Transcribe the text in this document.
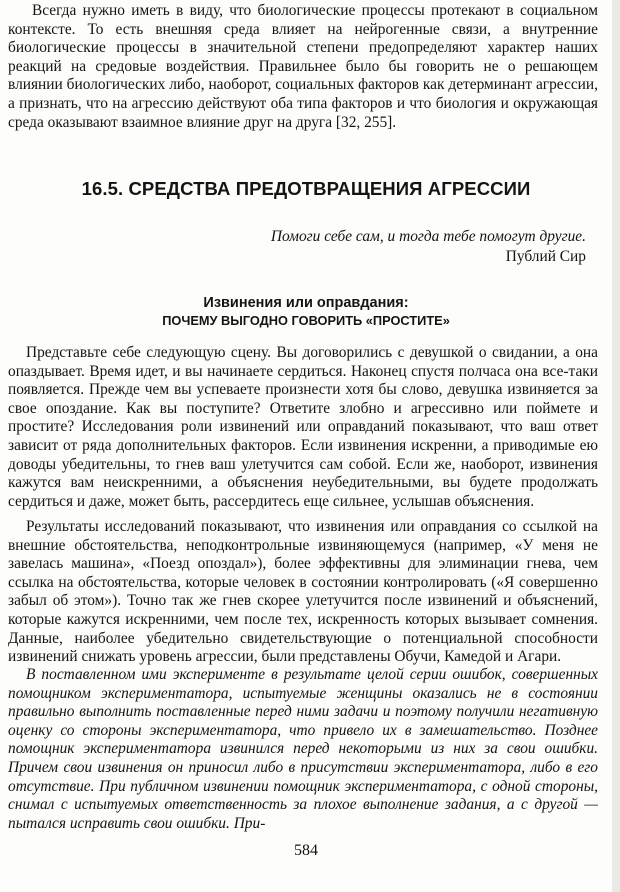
Всегда нужно иметь в виду, что биологические процессы протекают в социальном контексте. То есть внешняя среда влияет на нейрогенные связи, а внутренние биологические процессы в значительной степени предопределяют характер наших реакций на средовые воздействия. Правильнее было бы говорить не о решающем влиянии биологических либо, наоборот, социальных факторов как детерминант агрессии, а признать, что на агрессию действуют оба типа факторов и что биология и окружающая среда оказывают взаимное влияние друг на друга [32, 255].

16.5. СРЕДСТВА ПРЕДОТВРАЩЕНИЯ АГРЕССИИ
Помоги себе сам, и тогда тебе помогут другие.
Публий Сир
Извинения или оправдания:
ПОЧЕМУ ВЫГОДНО ГОВОРИТЬ «ПРОСТИТЕ»

Представьте себе следующую сцену. Вы договорились с девушкой о свидании, а она опаздывает. Время идет, и вы начинаете сердиться. Наконец спустя полчаса она все-таки появляется. Прежде чем вы успеваете произнести хотя бы слово, девушка извиняется за свое опоздание. Как вы поступите? Ответите злобно и агрессивно или поймете и простите? Исследования роли извинений или оправданий показывают, что ваш ответ зависит от ряда дополнительных факторов. Если извинения искренни, а приводимые ею доводы убедительны, то гнев ваш улетучится сам собой. Если же, наоборот, извинения кажутся вам неискренними, а объяснения неубедительными, вы будете продолжать сердиться и даже, может быть, рассердитесь еще сильнее, услышав объяснения.

Результаты исследований показывают, что извинения или оправдания со ссылкой на внешние обстоятельства, неподконтрольные извиняющемуся (например, «У меня не завелась машина», «Поезд опоздал»), более эффективны для элиминации гнева, чем ссылка на обстоятельства, которые человек в состоянии контролировать («Я совершенно забыл об этом»). Точно так же гнев скорее улетучится после извинений и объяснений, которые кажутся искренними, чем после тех, искренность которых вызывает сомнения. Данные, наиболее убедительно свидетельствующие о потенциальной способности извинений снижать уровень агрессии, были представлены Обучи, Камедой и Агари.

В поставленном ими эксперименте в результате целой серии ошибок, совершенных помощником экспериментатора, испытуемые женщины оказались не в состоянии правильно выполнить поставленные перед ними задачи и поэтому получили негативную оценку со стороны экспериментатора, что привело их в замешательство. Позднее помощник экспериментатора извинился перед некоторыми из них за свои ошибки. Причем свои извинения он приносил либо в присутствии экспериментатора, либо в его отсутствие. При публичном извинении помощник экспериментатора, с одной стороны, снимал с испытуемых ответственность за плохое выполнение задания, а с другой — пытался исправить свои ошибки. При-

584
